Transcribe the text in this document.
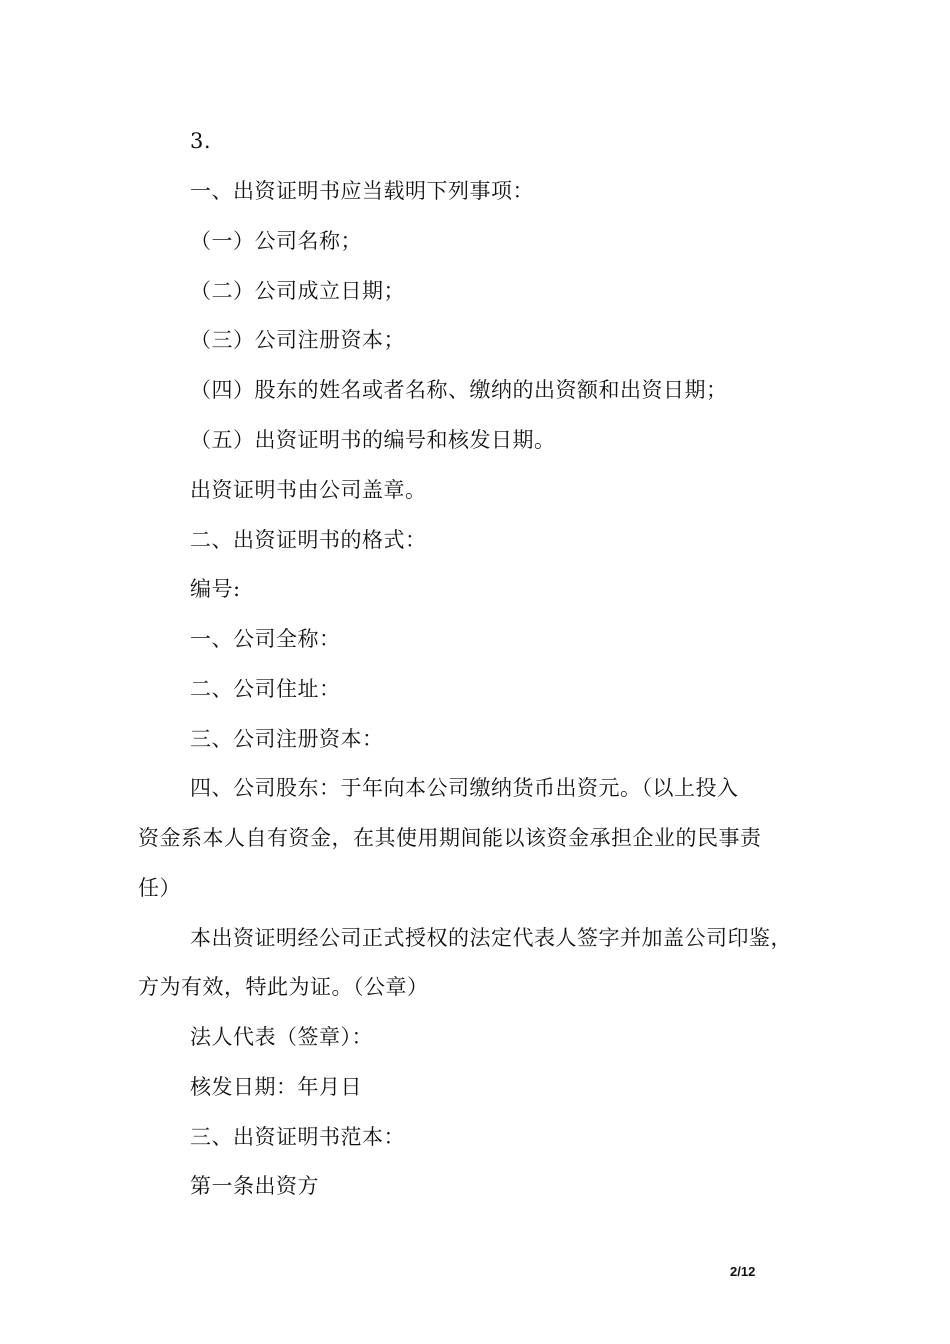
3.
一、出资证明书应当载明下列事项：
（一）公司名称；
（二）公司成立日期；
（三）公司注册资本；
（四）股东的姓名或者名称、缴纳的出资额和出资日期；
（五）出资证明书的编号和核发日期。
出资证明书由公司盖章。
二、出资证明书的格式：
编号:
一、公司全称：
二、公司住址：
三、公司注册资本：
四、公司股东：于年向本公司缴纳货币出资元。（以上投入
资金系本人自有资金，在其使用期间能以该资金承担企业的民事责
任）
本出资证明经公司正式授权的法定代表人签字并加盖公司印鉴，
方为有效，特此为证。（公章）
法人代表（签章）：
核发日期：年月日
三、出资证明书范本：
第一条出资方
2/12
